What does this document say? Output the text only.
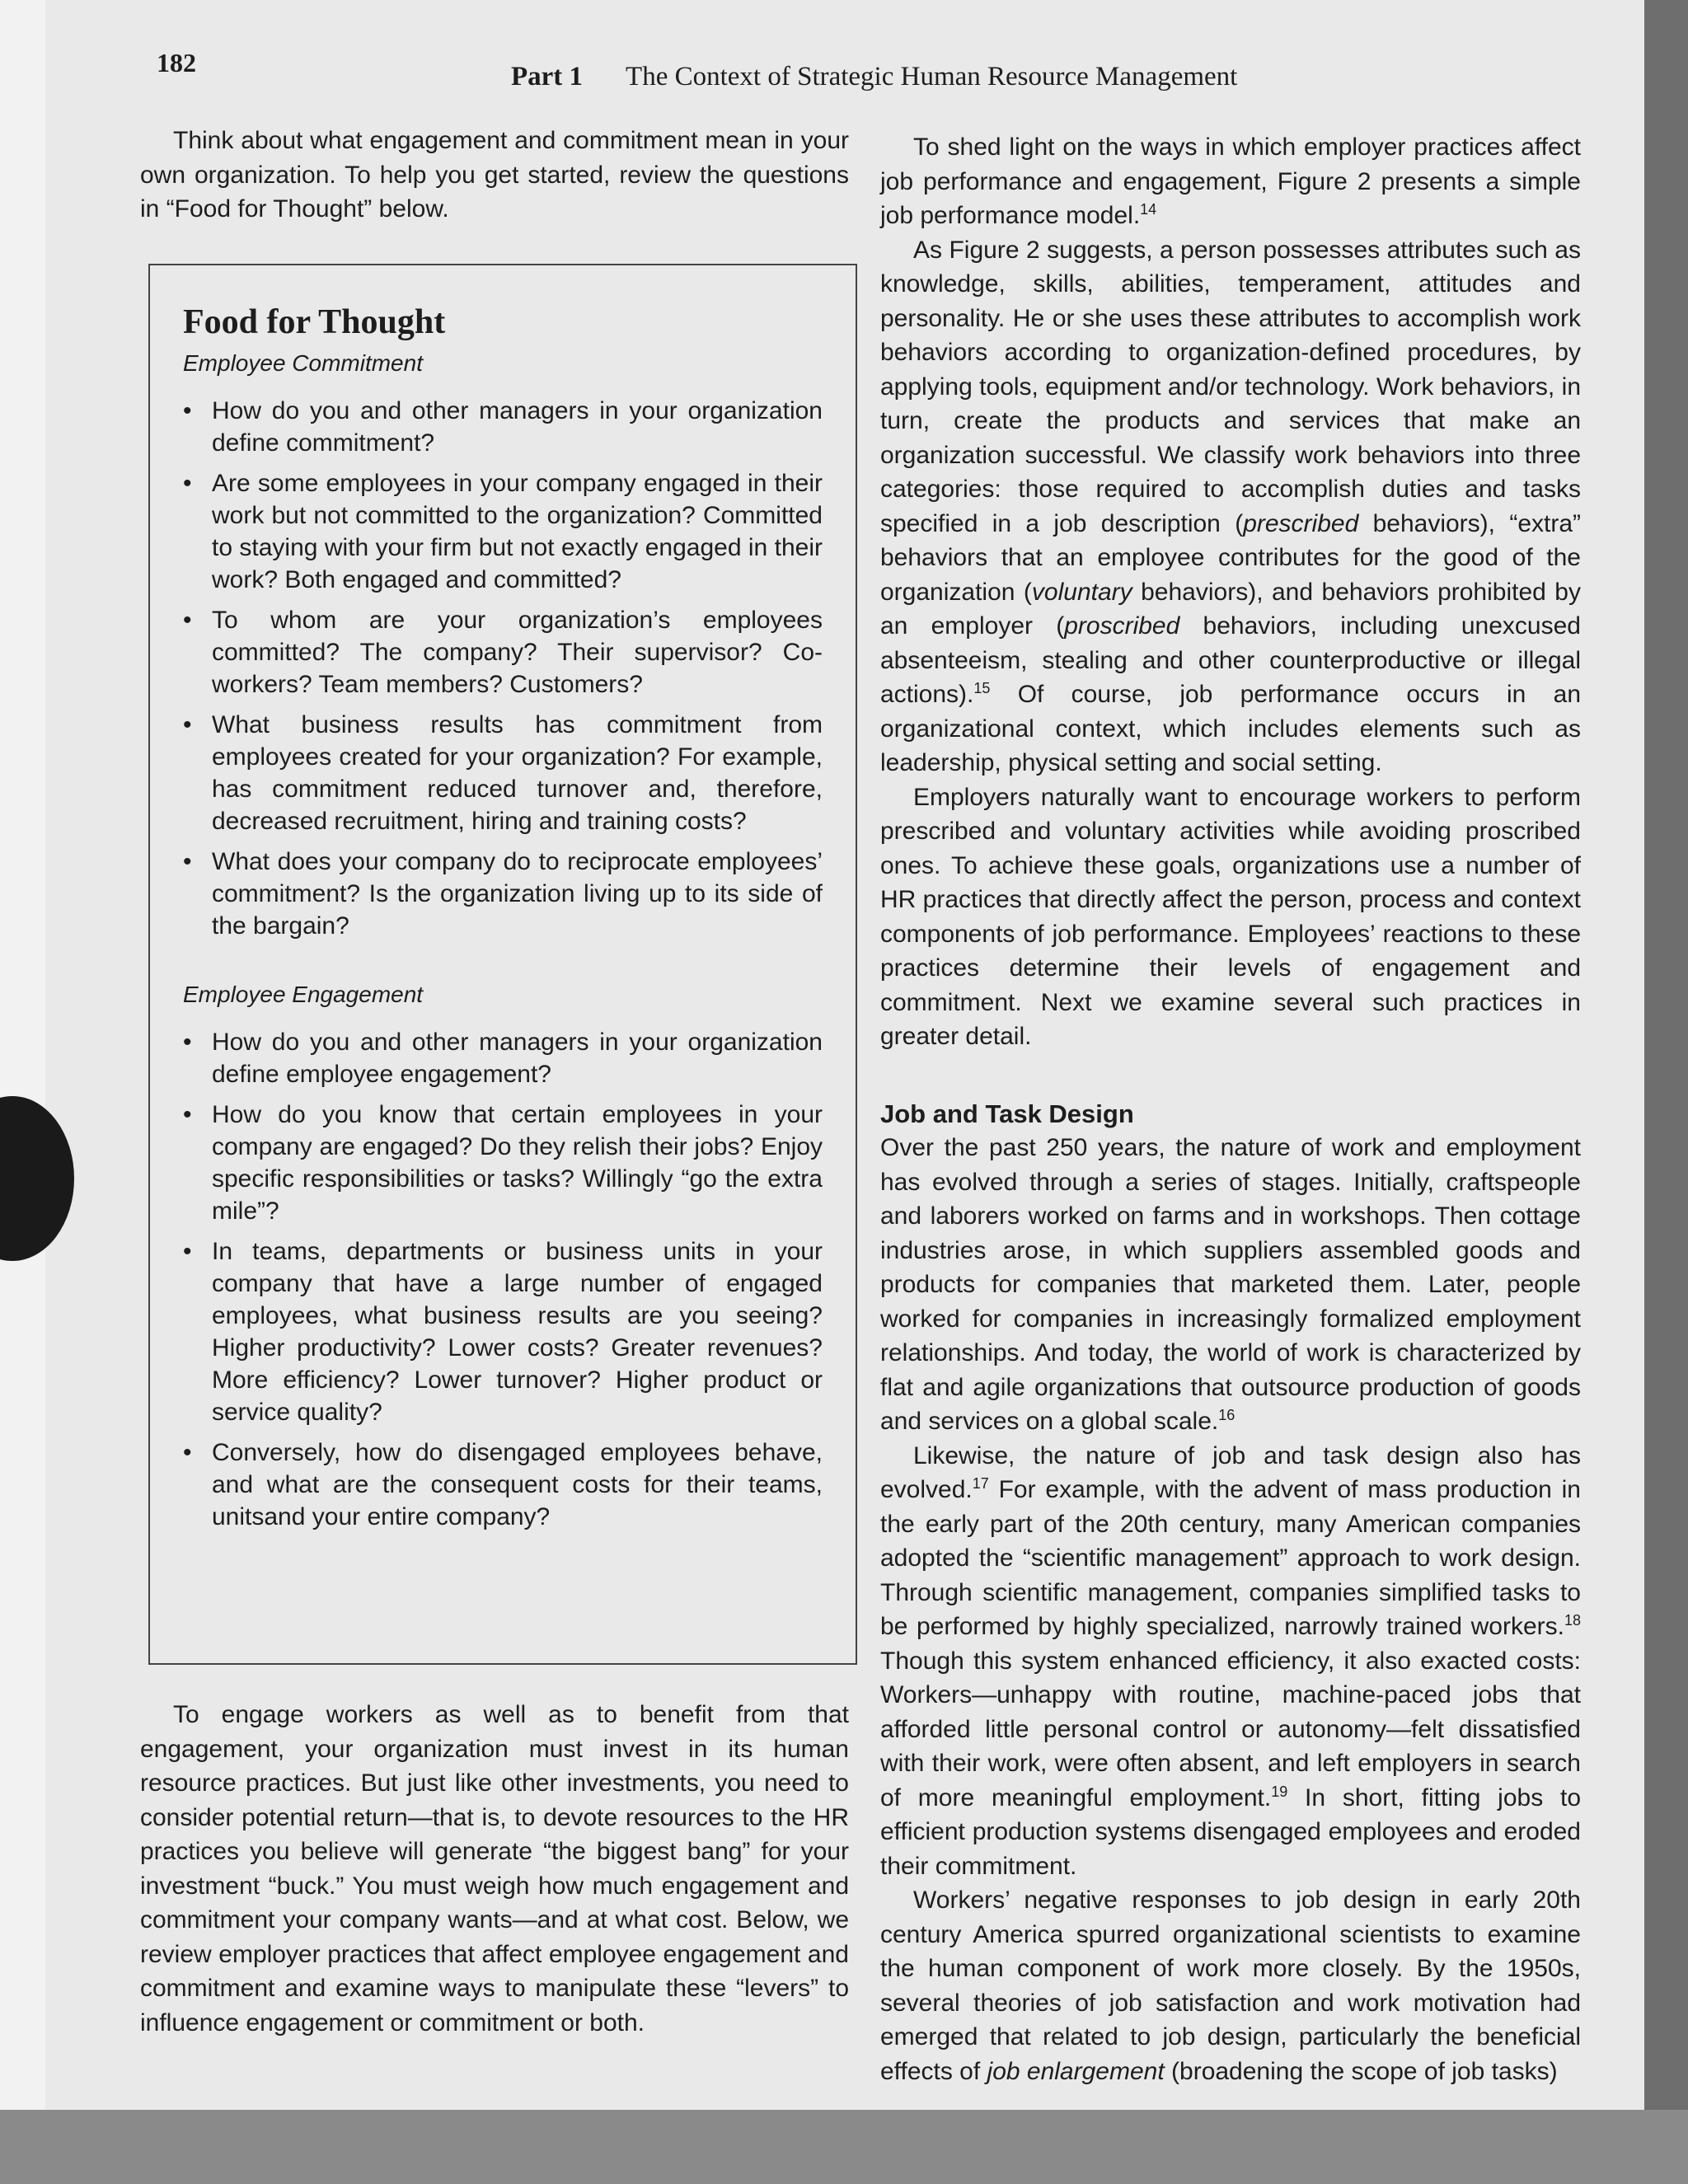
182	Part 1 The Context of Strategic Human Resource Management

Think about what engagement and commitment mean in your own organization. To help you get started, review the questions in “Food for Thought” below.

Food for Thought
Employee Commitment
• How do you and other managers in your organization define commitment?
• Are some employees in your company engaged in their work but not committed to the organization? Committed to staying with your firm but not exactly engaged in their work? Both engaged and committed?
• To whom are your organization’s employees committed? The company? Their supervisor? Co-workers? Team members? Customers?
• What business results has commitment from employees created for your organization? For example, has commitment reduced turnover and, therefore, decreased recruitment, hiring and training costs?
• What does your company do to reciprocate employees’ commitment? Is the organization living up to its side of the bargain?
Employee Engagement
• How do you and other managers in your organization define employee engagement?
• How do you know that certain employees in your company are engaged? Do they relish their jobs? Enjoy specific responsibilities or tasks? Willingly “go the extra mile”?
• In teams, departments or business units in your company that have a large number of engaged employees, what business results are you seeing? Higher productivity? Lower costs? Greater revenues? More efficiency? Lower turnover? Higher product or service quality?
• Conversely, how do disengaged employees behave, and what are the consequent costs for their teams, unitsand your entire company?

To engage workers as well as to benefit from that engagement, your organization must invest in its human resource practices. But just like other investments, you need to consider potential return—that is, to devote resources to the HR practices you believe will generate “the biggest bang” for your investment “buck.” You must weigh how much engagement and commitment your company wants—and at what cost. Below, we review employer practices that affect employee engagement and commitment and examine ways to manipulate these “levers” to influence engagement or commitment or both.

To shed light on the ways in which employer practices affect job performance and engagement, Figure 2 presents a simple job performance model.$^{14}$

As Figure 2 suggests, a person possesses attributes such as knowledge, skills, abilities, temperament, attitudes and personality. He or she uses these attributes to accomplish work behaviors according to organization-defined procedures, by applying tools, equipment and/or technology. Work behaviors, in turn, create the products and services that make an organization successful. We classify work behaviors into three categories: those required to accomplish duties and tasks specified in a job description (prescribed behaviors), “extra” behaviors that an employee contributes for the good of the organization (voluntary behaviors), and behaviors prohibited by an employer (proscribed behaviors, including unexcused absenteeism, stealing and other counterproductive or illegal actions).$^{15}$ Of course, job performance occurs in an organizational context, which includes elements such as leadership, physical setting and social setting.

Employers naturally want to encourage workers to perform prescribed and voluntary activities while avoiding proscribed ones. To achieve these goals, organizations use a number of HR practices that directly affect the person, process and context components of job performance. Employees’ reactions to these practices determine their levels of engagement and commitment. Next we examine several such practices in greater detail.

Job and Task Design

Over the past 250 years, the nature of work and employment has evolved through a series of stages. Initially, craftspeople and laborers worked on farms and in workshops. Then cottage industries arose, in which suppliers assembled goods and products for companies that marketed them. Later, people worked for companies in increasingly formalized employment relationships. And today, the world of work is characterized by flat and agile organizations that outsource production of goods and services on a global scale.$^{16}$

Likewise, the nature of job and task design also has evolved.$^{17}$ For example, with the advent of mass production in the early part of the 20th century, many American companies adopted the “scientific management” approach to work design. Through scientific management, companies simplified tasks to be performed by highly specialized, narrowly trained workers.$^{18}$ Though this system enhanced efficiency, it also exacted costs: Workers—unhappy with routine, machine-paced jobs that afforded little personal control or autonomy—felt dissatisfied with their work, were often absent, and left employers in search of more meaningful employment.$^{19}$ In short, fitting jobs to efficient production systems disengaged employees and eroded their commitment.

Workers’ negative responses to job design in early 20th century America spurred organizational scientists to examine the human component of work more closely. By the 1950s, several theories of job satisfaction and work motivation had emerged that related to job design, particularly the beneficial effects of job enlargement (broadening the scope of job tasks)
